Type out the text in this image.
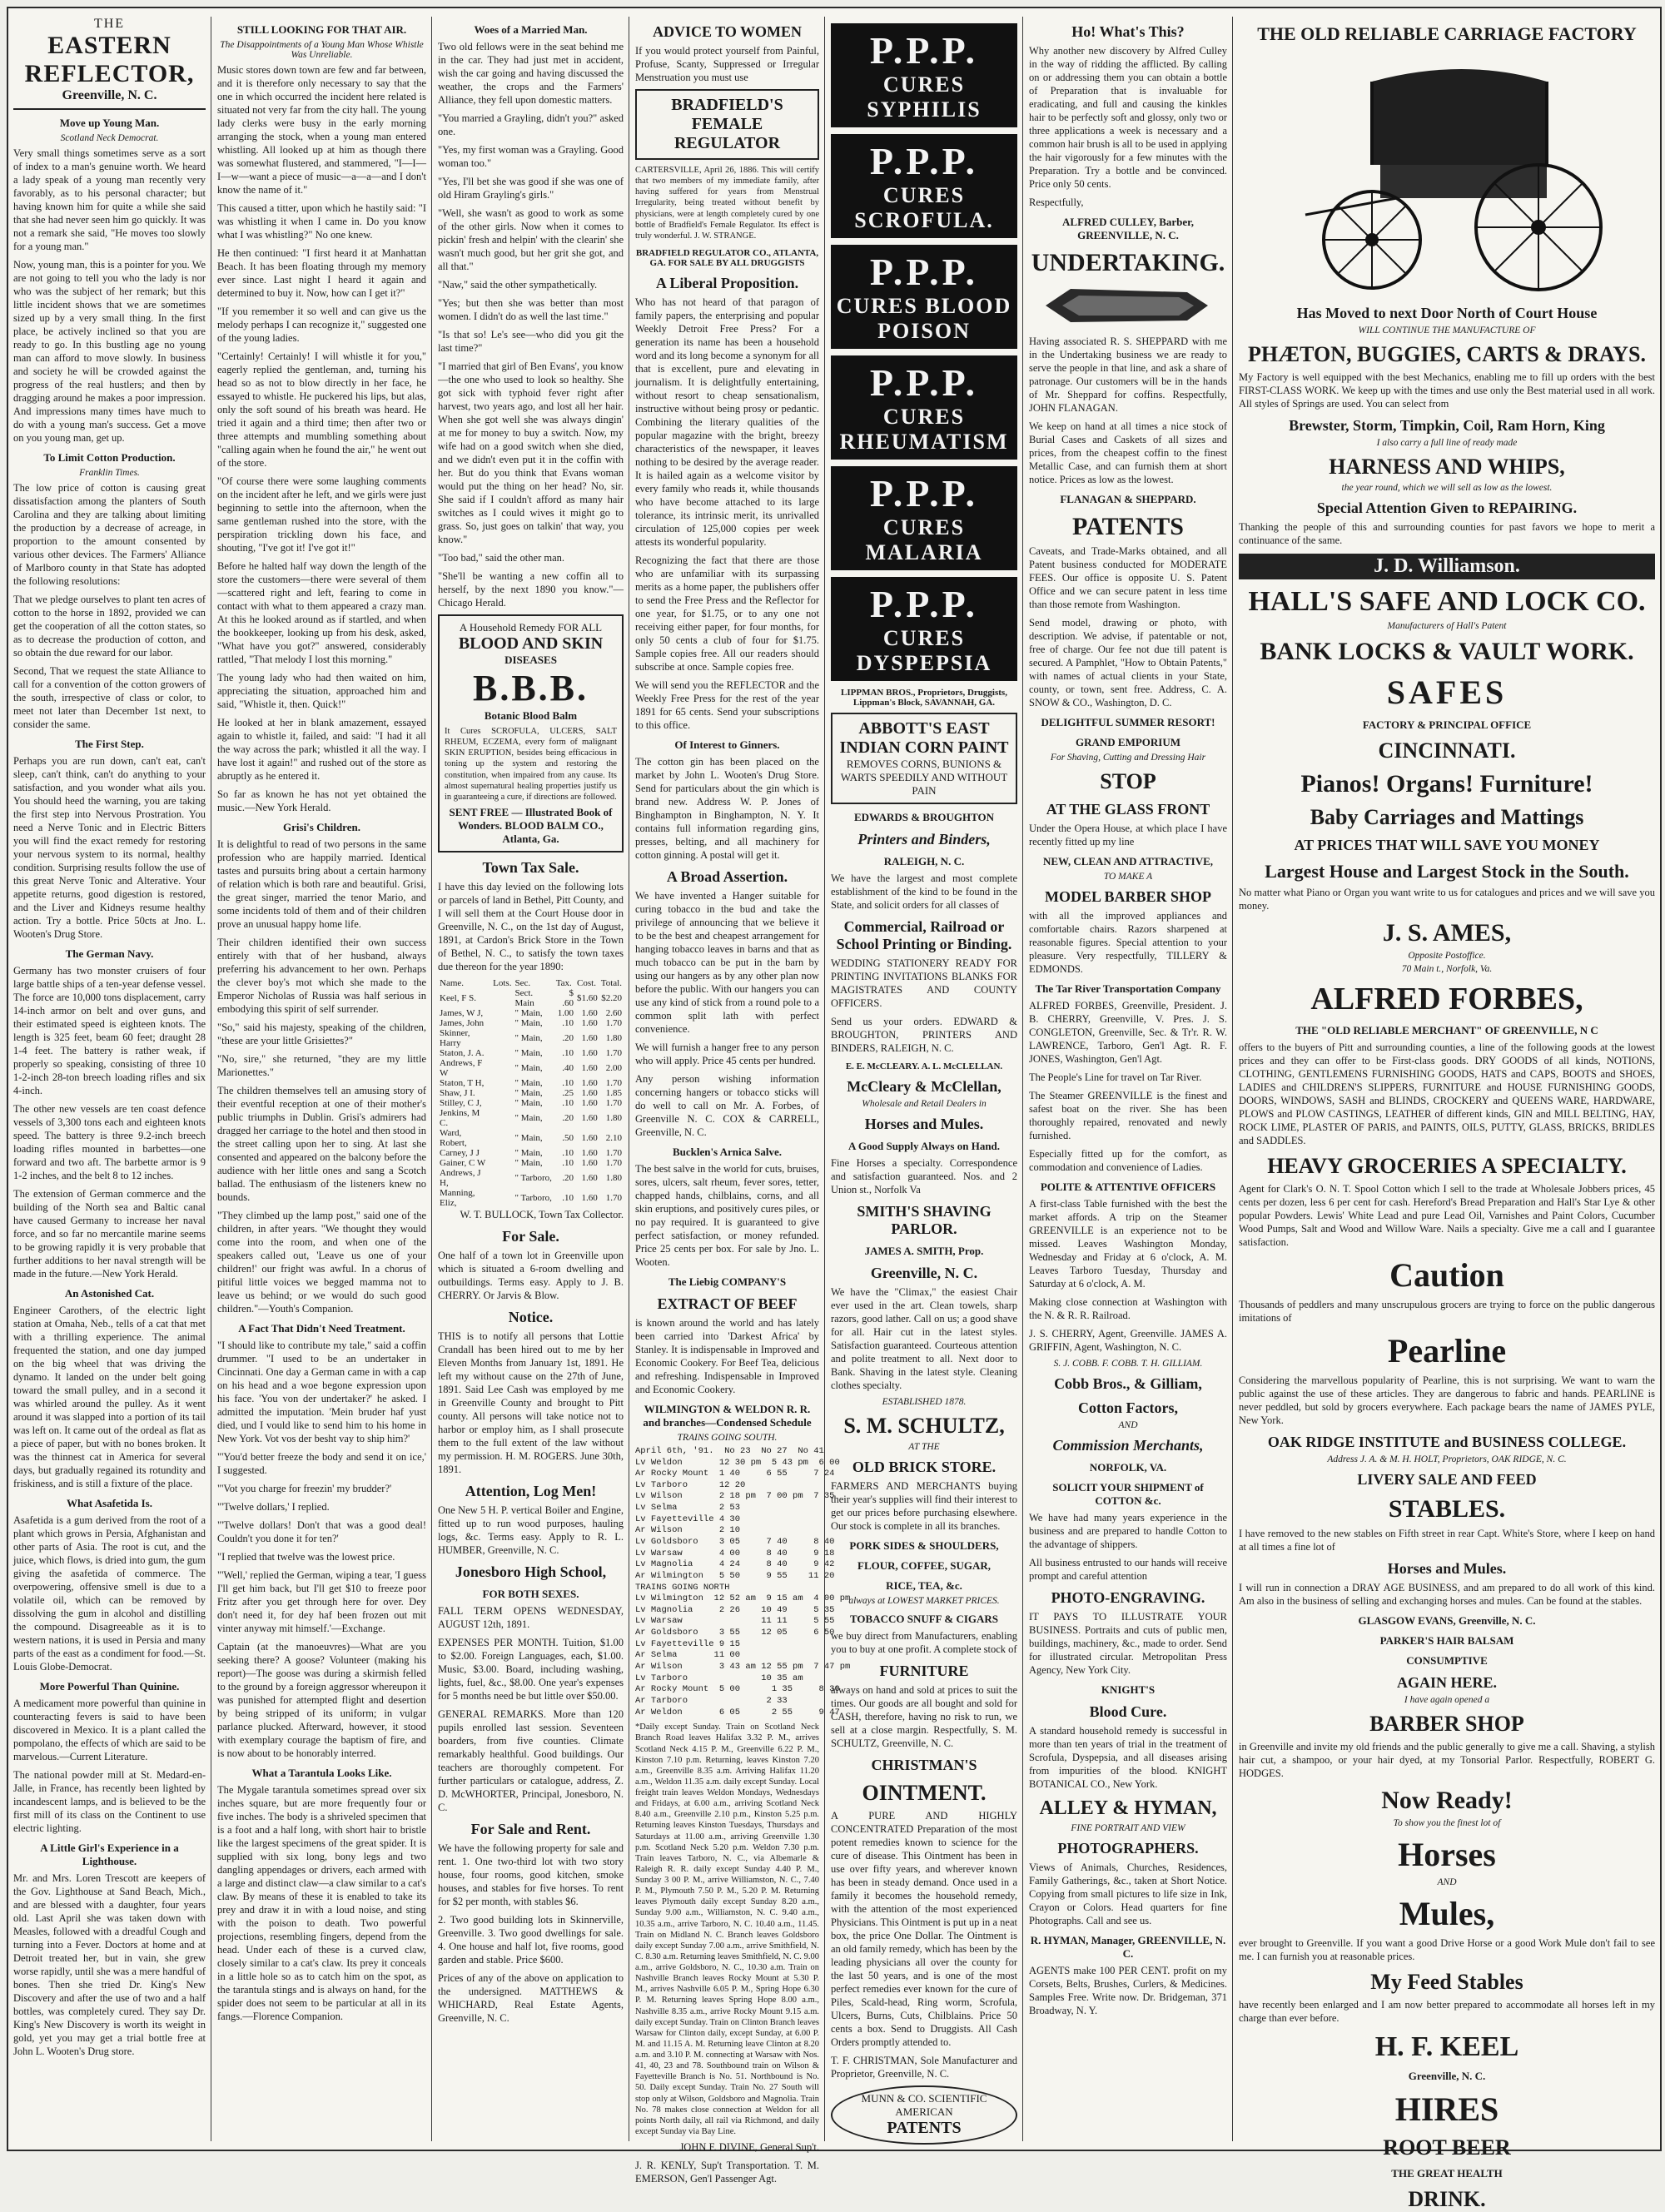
THE
EASTERN REFLECTOR,
Greenville, N. C.
Move up Young Man.
Scotland Neck Democrat.

Very small things sometimes serve as a sort of index to a man's genuine worth. We heard a lady speak of a young man recently very favorably, as to his personal character; but having known him for quite a while she said that she had never seen him go quickly. It was not a remark she said, "He moves too slowly for a young man."

Now, young man, this is a pointer for you. We are not going to tell you who the lady is nor who was the subject of her remark; but this little incident shows that we are sometimes sized up by a very small thing. In the first place, be actively inclined so that you are ready to go. In this bustling age no young man can afford to move slowly. In business and society he will be crowded against the progress of the real hustlers; and then by dragging around he makes a poor impression. And impressions many times have much to do with a young man's success. Get a move on you young man, get up.

To Limit Cotton Production.
Franklin Times.

The low price of cotton is causing great dissatisfaction among the planters of South Carolina and they are talking about limiting the production by a decrease of acreage, in proportion to the amount consented by various other devices. The Farmers' Alliance of Marlboro county in that State has adopted the following resolutions:

That we pledge ourselves to plant ten acres of cotton to the horse in 1892, provided we can get the cooperation of all the cotton states, so as to decrease the production of cotton, and so obtain the due reward for our labor.

Second, That we request the state Alliance to call for a convention of the cotton growers of the south, irrespective of class or color, to meet not later than December 1st next, to consider the same.

The First Step.

Perhaps you are run down, can't eat, can't sleep, can't think, can't do anything to your satisfaction, and you wonder what ails you. You should heed the warning, you are taking the first step into Nervous Prostration. You need a Nerve Tonic and in Electric Bitters you will find the exact remedy for restoring your nervous system to its normal, healthy condition. Surprising results follow the use of this great Nerve Tonic and Alterative. Your appetite returns, good digestion is restored, and the Liver and Kidneys resume healthy action. Try a bottle. Price 50cts at Jno. L. Wooten's Drug Store.

The German Navy.

Germany has two monster cruisers of four large battle ships of a ten-year defense vessel. The force are 10,000 tons displacement, carry 14-inch armor on belt and over guns, and their estimated speed is eighteen knots. The length is 325 feet, beam 60 feet; draught 28 1-4 feet. The battery is rather weak, if properly so speaking, consisting of three 10 1-2-inch 28-ton breech loading rifles and six 4-inch.

The other new vessels are ten coast defence vessels of 3,300 tons each and eighteen knots speed. The battery is three 9.2-inch breech loading rifles mounted in barbettes—one forward and two aft. The barbette armor is 9 1-2 inches, and the belt 8 to 12 inches.

The extension of German commerce and the building of the North sea and Baltic canal have caused Germany to increase her naval force, and so far no mercantile marine seems to be growing rapidly it is very probable that further additions to her naval strength will be made in the future.—New York Herald.

An Astonished Cat.

Engineer Carothers, of the electric light station at Omaha, Neb., tells of a cat that met with a thrilling experience. The animal frequented the station, and one day jumped on the big wheel that was driving the dynamo. It landed on the under belt going toward the small pulley, and in a second it was whirled around the pulley. As it went around it was slapped into a portion of its tail was left on. It came out of the ordeal as flat as a piece of paper, but with no bones broken. It was the thinnest cat in America for several days, but gradually regained its rotundity and friskiness, and is still a fixture of the place.

What Asafetida Is.

Asafetida is a gum derived from the root of a plant which grows in Persia, Afghanistan and other parts of Asia. The root is cut, and the juice, which flows, is dried into gum, the gum giving the asafetida of commerce. The overpowering, offensive smell is due to a volatile oil, which can be removed by dissolving the gum in alcohol and distilling the compound. Disagreeable as it is to western nations, it is used in Persia and many parts of the east as a condiment for food.—St. Louis Globe-Democrat.

More Powerful Than Quinine.

A medicament more powerful than quinine in counteracting fevers is said to have been discovered in Mexico. It is a plant called the pompolano, the effects of which are said to be marvelous.—Current Literature.

The national powder mill at St. Medard-en-Jalle, in France, has recently been lighted by incandescent lamps, and is believed to be the first mill of its class on the Continent to use electric lighting.

A Little Girl's Experience in a Lighthouse.

Mr. and Mrs. Loren Trescott are keepers of the Gov. Lighthouse at Sand Beach, Mich., and are blessed with a daughter, four years old. Last April she was taken down with Measles, followed with a dreadful Cough and turning into a Fever. Doctors at home and at Detroit treated her, but in vain, she grew worse rapidly, until she was a mere handful of bones. Then she tried Dr. King's New Discovery and after the use of two and a half bottles, was completely cured. They say Dr. King's New Discovery is worth its weight in gold, yet you may get a trial bottle free at John L. Wooten's Drug store.

STILL LOOKING FOR THAT AIR.
The Disappointments of a Young Man Whose Whistle Was Unreliable.

Music stores down town are few and far between, and it is therefore only necessary to say that the one in which occurred the incident here related is situated not very far from the city hall. The young lady clerks were busy in the early morning arranging the stock, when a young man entered whistling. All looked up at him as though there was somewhat flustered, and stammered, "I—I—I—w—want a piece of music—a—a—and I don't know the name of it."

This caused a titter, upon which he hastily said: "I was whistling it when I came in. Do you know what I was whistling?" No one knew.

He then continued: "I first heard it at Manhattan Beach. It has been floating through my memory ever since. Last night I heard it again and determined to buy it. Now, how can I get it?"

"If you remember it so well and can give us the melody perhaps I can recognize it," suggested one of the young ladies.

"Certainly! Certainly! I will whistle it for you," eagerly replied the gentleman, and, turning his head so as not to blow directly in her face, he essayed to whistle. He puckered his lips, but alas, only the soft sound of his breath was heard. He tried it again and a third time; then after two or three attempts and mumbling something about "calling again when he found the air," he went out of the store.

"Of course there were some laughing comments on the incident after he left, and we girls were just beginning to settle into the afternoon, when the same gentleman rushed into the store, with the perspiration trickling down his face, and shouting, "I've got it! I've got it!"

Before he halted half way down the length of the store the customers—there were several of them—scattered right and left, fearing to come in contact with what to them appeared a crazy man. At this he looked around as if startled, and when the bookkeeper, looking up from his desk, asked, "What have you got?" answered, considerably rattled, "That melody I lost this morning."

The young lady who had then waited on him, appreciating the situation, approached him and said, "Whistle it, then. Quick!"

He looked at her in blank amazement, essayed again to whistle it, failed, and said: "I had it all the way across the park; whistled it all the way. I have lost it again!" and rushed out of the store as abruptly as he entered it.

So far as known he has not yet obtained the music.—New York Herald.

Grisi's Children.

It is delightful to read of two persons in the same profession who are happily married. Identical tastes and pursuits bring about a certain harmony of relation which is both rare and beautiful. Grisi, the great singer, married the tenor Mario, and some incidents told of them and of their children prove an unusual happy home life.

Their children identified their own success entirely with that of her husband, always preferring his advancement to her own. Perhaps the clever boy's mot which she made to the Emperor Nicholas of Russia was half serious in embodying this spirit of self surrender.

"So," said his majesty, speaking of the children, "these are your little Grisiettes?"

"No, sire," she returned, "they are my little Marionettes."

The children themselves tell an amusing story of their eventful reception at one of their mother's public triumphs in Dublin. Grisi's admirers had dragged her carriage to the hotel and then stood in the street calling upon her to sing. At last she consented and appeared on the balcony before the audience with her little ones and sang a Scotch ballad. The enthusiasm of the listeners knew no bounds.

"They climbed up the lamp post," said one of the children, in after years. "We thought they would come into the room, and when one of the speakers called out, 'Leave us one of your children!' our fright was awful. In a chorus of pitiful little voices we begged mamma not to leave us behind; or we would do such good children."—Youth's Companion.

A Fact That Didn't Need Treatment.

"I should like to contribute my tale," said a coffin drummer. "I used to be an undertaker in Cincinnati. One day a German came in with a cap on his head and a woe begone expression upon his face. 'You von der undertaker?' he asked. I admitted the imputation. 'Mein bruder haf yust died, und I vould like to send him to his home in New York. Vot vos der besht vay to ship him?'

"'You'd better freeze the body and send it on ice,' I suggested.

"'Vot you charge for freezin' my brudder?'

"'Twelve dollars,' I replied.

"'Twelve dollars! Don't that was a good deal! Couldn't you done it for ten?'

"I replied that twelve was the lowest price.

"'Well,' replied the German, wiping a tear, 'I guess I'll get him back, but I'll get $10 to freeze poor Fritz after you get through here for over. Dey don't need it, for dey haf been frozen out mit vinter anyway mit himself.'—Exchange.

Captain (at the manoeuvres)—What are you seeking there? A goose? Volunteer (making his report)—The goose was during a skirmish felled to the ground by a foreign aggressor whereupon it was punished for attempted flight and desertion by being stripped of its uniform; in vulgar parlance plucked. Afterward, however, it stood with exemplary courage the baptism of fire, and is now about to be honorably interred.

What a Tarantula Looks Like.

The Mygale tarantula sometimes spread over six inches square, but are more frequently four or five inches. The body is a shriveled specimen that is a foot and a half long, with short hair to bristle like the largest specimens of the great spider. It is supplied with six long, bony legs and two dangling appendages or drivers, each armed with a large and distinct claw—a claw similar to a cat's claw. By means of these it is enabled to take its prey and draw it in with a loud noise, and sting with the poison to death. Two powerful projections, resembling fingers, depend from the head. Under each of these is a curved claw, closely similar to a cat's claw. Its prey it conceals in a little hole so as to catch him on the spot, as the tarantula stings and is always on hand, for the spider does not seem to be particular at all in its fangs.—Florence Companion.

Woes of a Married Man.

Two old fellows were in the seat behind me in the car. They had just met in accident, wish the car going and having discussed the weather, the crops and the Farmers' Alliance, they fell upon domestic matters.

"You married a Grayling, didn't you?" asked one.

"Yes, my first woman was a Grayling. Good woman too."

"Yes, I'll bet she was good if she was one of old Hiram Grayling's girls."

"Well, she wasn't as good to work as some of the other girls. Now when it comes to pickin' fresh and helpin' with the clearin' she wasn't much good, but her grit she got, and all that."

"Naw," said the other sympathetically.

"Yes; but then she was better than most women. I didn't do as well the last time."

"Is that so! Le's see—who did you git the last time?"

"I married that girl of Ben Evans', you know—the one who used to look so healthy. She got sick with typhoid fever right after harvest, two years ago, and lost all her hair. When she got well she was always dingin' at me for money to buy a switch. Now, my wife had on a good switch when she died, and we didn't even put it in the coffin with her. But do you think that Evans woman would put the thing on her head? No, sir. She said if I couldn't afford as many hair switches as I could wives it might go to grass. So, just goes on talkin' that way, you know."

"Too bad," said the other man.

"She'll be wanting a new coffin all to herself, by the next 1890 you know."—Chicago Herald.

A Household Remedy FOR ALL
BLOOD AND SKIN
DISEASES
B.B.B.
Botanic Blood Balm
It Cures SCROFULA, ULCERS, SALT RHEUM, ECZEMA, every form of malignant SKIN ERUPTION, besides being efficacious in toning up the system and restoring the constitution, when impaired from any cause. Its almost supernatural healing properties justify us in guaranteeing a cure, if directions are followed.
SENT FREE — Illustrated Book of Wonders. BLOOD BALM CO., Atlanta, Ga.
Town Tax Sale.

I have this day levied on the following lots or parcels of land in Bethel, Pitt County, and I will sell them at the Court House door in Greenville, N. C., on the 1st day of August, 1891, at Cardon's Brick Store in the Town of Bethel, N. C., to satisfy the town taxes due thereon for the year 1890:

Name.	Lots.	Sec.	Tax.	Cost.	Total.
Keel, F S.		Sect. Main	$ .60	$1.60	$2.20
James, W J,		" Main,	1.00	1.60	2.60
James, John		" Main,	.10	1.60	1.70
Skinner, Harry		" Main,	.20	1.60	1.80
Staton, J. A.		" Main,	.10	1.60	1.70
Andrews, F W		" Main,	.40	1.60	2.00
Staton, T H,		" Main,	.10	1.60	1.70
Shaw, J I.		" Main,	.25	1.60	1.85
Stilley, C J,		" Main,	.10	1.60	1.70
Jenkins, M C.		" Main,	.20	1.60	1.80
Ward, Robert,		" Main,	.50	1.60	2.10
Carney, J J		" Main,	.10	1.60	1.70
Gainer, C W		" Main,	.10	1.60	1.70
Andrews, J H,		" Tarboro,	.20	1.60	1.80
Manning, Eliz,		" Tarboro,	.10	1.60	1.70

W. T. BULLOCK, Town Tax Collector.

For Sale.

One half of a town lot in Greenville upon which is situated a 6-room dwelling and outbuildings. Terms easy. Apply to J. B. CHERRY. Or Jarvis & Blow.

Notice.

THIS is to notify all persons that Lottie Crandall has been hired out to me by her Eleven Months from January 1st, 1891. He left my without cause on the 27th of June, 1891. Said Lee Cash was employed by me in Greenville County and brought to Pitt county. All persons will take notice not to harbor or employ him, as I shall prosecute them to the full extent of the law without my permission. H. M. ROGERS. June 30th, 1891.

Attention, Log Men!

One New 5 H. P. vertical Boiler and Engine, fitted up to run wood purposes, hauling logs, &c. Terms easy. Apply to R. L. HUMBER, Greenville, N. C.

Jonesboro High School,
FOR BOTH SEXES.

FALL TERM OPENS WEDNESDAY, AUGUST 12th, 1891.

EXPENSES PER MONTH. Tuition, $1.00 to $2.00. Foreign Languages, each, $1.00. Music, $3.00. Board, including washing, lights, fuel, &c., $8.00. One year's expenses for 5 months need be but little over $50.00.

GENERAL REMARKS. More than 120 pupils enrolled last session. Seventeen boarders, from five counties. Climate remarkably healthful. Good buildings. Our teachers are thoroughly competent. For further particulars or catalogue, address, Z. D. McWHORTER, Principal, Jonesboro, N. C.

For Sale and Rent.

We have the following property for sale and rent. 1. One two-third lot with two story house, four rooms, good kitchen, smoke houses, and stables for five horses. To rent for $2 per month, with stables $6.

2. Two good building lots in Skinnerville, Greenville. 3. Two good dwellings for sale. 4. One house and half lot, five rooms, good garden and stable. Price $600.

Prices of any of the above on application to the undersigned. MATTHEWS & WHICHARD, Real Estate Agents, Greenville, N. C.

ADVICE TO WOMEN

If you would protect yourself from Painful, Profuse, Scanty, Suppressed or Irregular Menstruation you must use

BRADFIELD'S
FEMALE
REGULATOR
CARTERSVILLE, April 26, 1886. This will certify that two members of my immediate family, after having suffered for years from Menstrual Irregularity, being treated without benefit by physicians, were at length completely cured by one bottle of Bradfield's Female Regulator. Its effect is truly wonderful. J. W. STRANGE.
BRADFIELD REGULATOR CO., ATLANTA, GA. FOR SALE BY ALL DRUGGISTS
A Liberal Proposition.

Who has not heard of that paragon of family papers, the enterprising and popular Weekly Detroit Free Press? For a generation its name has been a household word and its long become a synonym for all that is excellent, pure and elevating in journalism. It is delightfully entertaining, without resort to cheap sensationalism, instructive without being prosy or pedantic. Combining the literary qualities of the popular magazine with the bright, breezy characteristics of the newspaper, it leaves nothing to be desired by the average reader. It is hailed again as a welcome visitor by every family who reads it, while thousands who have become attached to its large tolerance, its intrinsic merit, its unrivalled circulation of 125,000 copies per week attests its wonderful popularity.

Recognizing the fact that there are those who are unfamiliar with its surpassing merits as a home paper, the publishers offer to send the Free Press and the Reflector for one year, for $1.75, or to any one not receiving either paper, for four months, for only 50 cents a club of four for $1.75. Sample copies free. All our readers should subscribe at once. Sample copies free.

We will send you the REFLECTOR and the Weekly Free Press for the rest of the year 1891 for 65 cents. Send your subscriptions to this office.

Of Interest to Ginners.

The cotton gin has been placed on the market by John L. Wooten's Drug Store. Send for particulars about the gin which is brand new. Address W. P. Jones of Binghampton in Binghampton, N. Y. It contains full information regarding gins, presses, belting, and all machinery for cotton ginning. A postal will get it.

A Broad Assertion.

We have invented a Hanger suitable for curing tobacco in the bud and take the privilege of announcing that we believe it to be the best and cheapest arrangement for hanging tobacco leaves in barns and that as much tobacco can be put in the barn by using our hangers as by any other plan now before the public. With our hangers you can use any kind of stick from a round pole to a common split lath with perfect convenience.

We will furnish a hanger free to any person who will apply. Price 45 cents per hundred.

Any person wishing information concerning hangers or tobacco sticks will do well to call on Mr. A. Forbes, of Greenville N. C. COX & CARRELL, Greenville, N. C.

Bucklen's Arnica Salve.

The best salve in the world for cuts, bruises, sores, ulcers, salt rheum, fever sores, tetter, chapped hands, chilblains, corns, and all skin eruptions, and positively cures piles, or no pay required. It is guaranteed to give perfect satisfaction, or money refunded. Price 25 cents per box. For sale by Jno. L. Wooten.

The Liebig COMPANY'S
EXTRACT OF BEEF

is known around the world and has lately been carried into 'Darkest Africa' by Stanley. It is indispensable in Improved and Economic Cookery. For Beef Tea, delicious and refreshing. Indispensable in Improved and Economic Cookery.

WILMINGTON & WELDON R. R. and branches—Condensed Schedule
TRAINS GOING SOUTH.
April 6th, '91.  No 23  No 27  No 41
Lv Weldon       12 30 pm  5 43 pm  6 00
Ar Rocky Mount  1 40     6 55     7 24
Lv Tarboro      12 20
Lv Wilson       2 18 pm  7 00 pm  7 35
Lv Selma        2 53
Lv Fayetteville 4 30
Ar Wilson       2 10
Lv Goldsboro    3 05     7 40     8 40
Lv Warsaw       4 00     8 40     9 18
Lv Magnolia     4 24     8 40     9 42
Ar Wilmington   5 50     9 55    11 20
TRAINS GOING NORTH
Lv Wilmington  12 52 am  9 15 am  4 00 pm
Lv Magnolia     2 26    10 49     5 35
Lv Warsaw               11 11     5 55
Ar Goldsboro    3 55    12 05     6 50
Lv Fayetteville 9 15
Ar Selma       11 00
Ar Wilson       3 43 am 12 55 pm  7 47 pm
Lv Tarboro              10 35 am
Ar Rocky Mount  5 00      1 35     8 30
Ar Tarboro               2 33
Ar Weldon       6 05      2 55     9 47
*Daily except Sunday. Train on Scotland Neck Branch Road leaves Halifax 3.32 P. M., arrives Scotland Neck 4.15 P. M., Greenville 6.22 P. M., Kinston 7.10 p.m. Returning, leaves Kinston 7.20 a.m., Greenville 8.35 a.m. Arriving Halifax 11.20 a.m., Weldon 11.35 a.m. daily except Sunday. Local freight train leaves Weldon Mondays, Wednesdays and Fridays, at 6.00 a.m., arriving Scotland Neck 8.40 a.m., Greenville 2.10 p.m., Kinston 5.25 p.m. Returning leaves Kinston Tuesdays, Thursdays and Saturdays at 11.00 a.m., arriving Greenville 1.30 p.m. Scotland Neck 5.20 p.m. Weldon 7.30 p.m. Train leaves Tarboro, N. C., via Albemarle & Raleigh R. R. daily except Sunday 4.40 P. M., Sunday 3 00 P. M., arrive Williamston, N. C., 7.40 P. M., Plymouth 7.50 P. M., 5.20 P. M. Returning leaves Plymouth daily except Sunday 8.20 a.m., Sunday 9.00 a.m., Williamston, N. C. 9.40 a.m., 10.35 a.m., arrive Tarboro, N. C. 10.40 a.m., 11.45. Train on Midland N. C. Branch leaves Goldsboro daily except Sunday 7.00 a.m., arrive Smithfield, N. C. 8.30 a.m. Returning leaves Smithfield, N. C. 9.00 a.m., arrive Goldsboro, N. C., 10.30 a.m. Train on Nashville Branch leaves Rocky Mount at 5.30 P. M., arrives Nashville 6.05 P. M., Spring Hope 6.30 P. M. Returning leaves Spring Hope 8.00 a.m., Nashville 8.35 a.m., arrive Rocky Mount 9.15 a.m. daily except Sunday. Train on Clinton Branch leaves Warsaw for Clinton daily, except Sunday, at 6.00 P. M. and 11.15 A. M. Returning leave Clinton at 8.20 a.m. and 3.10 P. M. connecting at Warsaw with Nos. 41, 40, 23 and 78. Southbound train on Wilson & Fayetteville Branch is No. 51. Northbound is No. 50. Daily except Sunday. Train No. 27 South will stop only at Wilson, Goldsboro and Magnolia. Train No. 78 makes close connection at Weldon for all points North daily, all rail via Richmond, and daily except Sunday via Bay Line.

JOHN F. DIVINE, General Sup't.

J. R. KENLY, Sup't Transportation. T. M. EMERSON, Gen'l Passenger Agt.

P.P.P.
CURES SYPHILIS
P.P.P.
CURES SCROFULA.
P.P.P.
CURES BLOOD POISON
P.P.P.
CURES RHEUMATISM
P.P.P.
CURES MALARIA
P.P.P.
CURES DYSPEPSIA
LIPPMAN BROS., Proprietors, Druggists, Lippman's Block, SAVANNAH, GA.
ABBOTT'S EAST INDIAN CORN PAINT
REMOVES CORNS, BUNIONS & WARTS SPEEDILY AND WITHOUT PAIN
EDWARDS & BROUGHTON
Printers and Binders,
RALEIGH, N. C.

We have the largest and most complete establishment of the kind to be found in the State, and solicit orders for all classes of

Commercial, Railroad or School Printing or Binding.

WEDDING STATIONERY READY FOR PRINTING INVITATIONS BLANKS FOR MAGISTRATES AND COUNTY OFFICERS.

Send us your orders. EDWARD & BROUGHTON, PRINTERS AND BINDERS, RALEIGH, N. C.

E. E. McCLEARY. A. L. McCLELLAN.
McCleary & McClellan,
Wholesale and Retail Dealers in
Horses and Mules.
A Good Supply Always on Hand.

Fine Horses a specialty. Correspondence and satisfaction guaranteed. Nos. and 2 Union st., Norfolk Va

SMITH'S SHAVING PARLOR.
JAMES A. SMITH, Prop.
Greenville, N. C.

We have the "Climax," the easiest Chair ever used in the art. Clean towels, sharp razors, good lather. Call on us; a good shave for all. Hair cut in the latest styles. Satisfaction guaranteed. Courteous attention and polite treatment to all. Next door to Bank. Shaving in the latest style. Cleaning clothes specialty.

ESTABLISHED 1878.
S. M. SCHULTZ,
AT THE
OLD BRICK STORE.

FARMERS AND MERCHANTS buying their year's supplies will find their interest to get our prices before purchasing elsewhere. Our stock is complete in all its branches.

PORK SIDES & SHOULDERS,
FLOUR, COFFEE, SUGAR,
RICE, TEA, &c.
always at LOWEST MARKET PRICES.
TOBACCO SNUFF & CIGARS

we buy direct from Manufacturers, enabling you to buy at one profit. A complete stock of

FURNITURE

always on hand and sold at prices to suit the times. Our goods are all bought and sold for CASH, therefore, having no risk to run, we sell at a close margin. Respectfully, S. M. SCHULTZ, Greenville, N. C.

CHRISTMAN'S
OINTMENT.

A PURE AND HIGHLY CONCENTRATED Preparation of the most potent remedies known to science for the cure of disease. This Ointment has been in use over fifty years, and wherever known has been in steady demand. Once used in a family it becomes the household remedy, with the attention of the most experienced Physicians. This Ointment is put up in a neat box, the price One Dollar. The Ointment is an old family remedy, which has been by the leading physicians all over the county for the last 50 years, and is one of the most perfect remedies ever known for the cure of Piles, Scald-head, Ring worm, Scrofula, Ulcers, Burns, Cuts, Chilblains. Price 50 cents a box. Send to Druggists. All Cash Orders promptly attended to.

T. F. CHRISTMAN, Sole Manufacturer and Proprietor, Greenville, N. C.

MUNN & CO. SCIENTIFIC AMERICAN
PATENTS
Ho! What's This?

Why another new discovery by Alfred Culley in the way of ridding the afflicted. By calling on or addressing them you can obtain a bottle of Preparation that is invaluable for eradicating, and full and causing the kinkles hair to be perfectly soft and glossy, only two or three applications a week is necessary and a common hair brush is all to be used in applying the hair vigorously for a few minutes with the Preparation. Try a bottle and be convinced. Price only 50 cents.

Respectfully,

ALFRED CULLEY, Barber, GREENVILLE, N. C.
UNDERTAKING.

Having associated R. S. SHEPPARD with me in the Undertaking business we are ready to serve the people in that line, and ask a share of patronage. Our customers will be in the hands of Mr. Sheppard for coffins. Respectfully, JOHN FLANAGAN.

We keep on hand at all times a nice stock of Burial Cases and Caskets of all sizes and prices, from the cheapest coffin to the finest Metallic Case, and can furnish them at short notice. Prices as low as the lowest.

FLANAGAN & SHEPPARD.
PATENTS

Caveats, and Trade-Marks obtained, and all Patent business conducted for MODERATE FEES. Our office is opposite U. S. Patent Office and we can secure patent in less time than those remote from Washington.

Send model, drawing or photo, with description. We advise, if patentable or not, free of charge. Our fee not due till patent is secured. A Pamphlet, "How to Obtain Patents," with names of actual clients in your State, county, or town, sent free. Address, C. A. SNOW & CO., Washington, D. C.

DELIGHTFUL SUMMER RESORT!
GRAND EMPORIUM
For Shaving, Cutting and Dressing Hair
STOP
AT THE GLASS FRONT

Under the Opera House, at which place I have recently fitted up my line

NEW, CLEAN AND ATTRACTIVE,
TO MAKE A
MODEL BARBER SHOP

with all the improved appliances and comfortable chairs. Razors sharpened at reasonable figures. Special attention to your pleasure. Very respectfully, TILLERY & EDMONDS.

The Tar River Transportation Company

ALFRED FORBES, Greenville, President. J. B. CHERRY, Greenville, V. Pres. J. S. CONGLETON, Greenville, Sec. & Tr'r. R. W. LAWRENCE, Tarboro, Gen'l Agt. R. F. JONES, Washington, Gen'l Agt.

The People's Line for travel on Tar River.

The Steamer GREENVILLE is the finest and safest boat on the river. She has been thoroughly repaired, renovated and newly furnished.

Especially fitted up for the comfort, as commodation and convenience of Ladies.

POLITE & ATTENTIVE OFFICERS

A first-class Table furnished with the best the market affords. A trip on the Steamer GREENVILLE is an experience not to be missed. Leaves Washington Monday, Wednesday and Friday at 6 o'clock, A. M. Leaves Tarboro Tuesday, Thursday and Saturday at 6 o'clock, A. M.

Making close connection at Washington with the N. & R. R. Railroad.

J. S. CHERRY, Agent, Greenville. JAMES A. GRIFFIN, Agent, Washington, N. C.

S. J. COBB. F. COBB. T. H. GILLIAM.
Cobb Bros., & Gilliam,
Cotton Factors,
AND
Commission Merchants,
NORFOLK, VA.
SOLICIT YOUR SHIPMENT of COTTON &c.

We have had many years experience in the business and are prepared to handle Cotton to the advantage of shippers.

All business entrusted to our hands will receive prompt and careful attention

PHOTO-ENGRAVING.

IT PAYS TO ILLUSTRATE YOUR BUSINESS. Portraits and cuts of public men, buildings, machinery, &c., made to order. Send for illustrated circular. Metropolitan Press Agency, New York City.

KNIGHT'S
Blood Cure.

A standard household remedy is successful in more than ten years of trial in the treatment of Scrofula, Dyspepsia, and all diseases arising from impurities of the blood. KNIGHT BOTANICAL CO., New York.

ALLEY & HYMAN,
FINE PORTRAIT AND VIEW
PHOTOGRAPHERS.

Views of Animals, Churches, Residences, Family Gatherings, &c., taken at Short Notice. Copying from small pictures to life size in Ink, Crayon or Colors. Head quarters for fine Photographs. Call and see us.

R. HYMAN, Manager, GREENVILLE, N. C.

AGENTS make 100 PER CENT. profit on my Corsets, Belts, Brushes, Curlers, & Medicines. Samples Free. Write now. Dr. Bridgeman, 371 Broadway, N. Y.

THE OLD RELIABLE CARRIAGE FACTORY
Has Moved to next Door North of Court House
WILL CONTINUE THE MANUFACTURE OF
PHÆTON, BUGGIES, CARTS & DRAYS.

My Factory is well equipped with the best Mechanics, enabling me to fill up orders with the best FIRST-CLASS WORK. We keep up with the times and use only the Best material used in all work. All styles of Springs are used. You can select from

Brewster, Storm, Timpkin, Coil, Ram Horn, King
I also carry a full line of ready made
HARNESS AND WHIPS,
the year round, which we will sell as low as the lowest.
Special Attention Given to REPAIRING.

Thanking the people of this and surrounding counties for past favors we hope to merit a continuance of the same.

J. D. Williamson.
HALL'S SAFE AND LOCK CO.
Manufacturers of Hall's Patent
BANK LOCKS & VAULT WORK.
SAFES
FACTORY & PRINCIPAL OFFICE
CINCINNATI.
Pianos! Organs! Furniture!
Baby Carriages and Mattings
AT PRICES THAT WILL SAVE YOU MONEY
Largest House and Largest Stock in the South.

No matter what Piano or Organ you want write to us for catalogues and prices and we will save you money.

J. S. AMES,
Opposite Postoffice.
70 Main t., Norfolk, Va.
ALFRED FORBES,
THE "OLD RELIABLE MERCHANT" OF GREENVILLE, N C

offers to the buyers of Pitt and surrounding counties, a line of the following goods at the lowest prices and they can offer to be First-class goods. DRY GOODS of all kinds, NOTIONS, CLOTHING, GENTLEMENS FURNISHING GOODS, HATS and CAPS, BOOTS and SHOES, LADIES and CHILDREN'S SLIPPERS, FURNITURE and HOUSE FURNISHING GOODS, DOORS, WINDOWS, SASH and BLINDS, CROCKERY and QUEENS WARE, HARDWARE, PLOWS and PLOW CASTINGS, LEATHER of different kinds, GIN and MILL BELTING, HAY, ROCK LIME, PLASTER OF PARIS, and PAINTS, OILS, PUTTY, GLASS, BRICKS, BRIDLES and SADDLES.

HEAVY GROCERIES A SPECIALTY.

Agent for Clark's O. N. T. Spool Cotton which I sell to the trade at Wholesale Jobbers prices, 45 cents per dozen, less 6 per cent for cash. Hereford's Bread Preparation and Hall's Star Lye & other popular Powders. Lewis' White Lead and pure Lead Oil, Varnishes and Paint Colors, Cucumber Wood Pumps, Salt and Wood and Willow Ware. Nails a specialty. Give me a call and I guarantee satisfaction.

Caution

Thousands of peddlers and many unscrupulous grocers are trying to force on the public dangerous imitations of

Pearline

Considering the marvellous popularity of Pearline, this is not surprising. We want to warn the public against the use of these articles. They are dangerous to fabric and hands. PEARLINE is never peddled, but sold by grocers everywhere. Each package bears the name of JAMES PYLE, New York.

OAK RIDGE INSTITUTE and BUSINESS COLLEGE.
Address J. A. & M. H. HOLT, Proprietors, OAK RIDGE, N. C.
LIVERY SALE AND FEED
STABLES.

I have removed to the new stables on Fifth street in rear Capt. White's Store, where I keep on hand at all times a fine lot of

Horses and Mules.

I will run in connection a DRAY AGE BUSINESS, and am prepared to do all work of this kind. Am also in the business of selling and exchanging horses and mules. Can be found at the stables.

GLASGOW EVANS, Greenville, N. C.
PARKER'S HAIR BALSAM
CONSUMPTIVE
AGAIN HERE.
I have again opened a
BARBER SHOP

in Greenville and invite my old friends and the public generally to give me a call. Shaving, a stylish hair cut, a shampoo, or your hair dyed, at my Tonsorial Parlor. Respectfully, ROBERT G. HODGES.

Now Ready!
To show you the finest lot of
Horses
AND
Mules,

ever brought to Greenville. If you want a good Drive Horse or a good Work Mule don't fail to see me. I can furnish you at reasonable prices.

My Feed Stables

have recently been enlarged and I am now better prepared to accommodate all horses left in my charge than ever before.

H. F. KEEL
Greenville, N. C.
HIRES
ROOT BEER
THE GREAT HEALTH
DRINK.
